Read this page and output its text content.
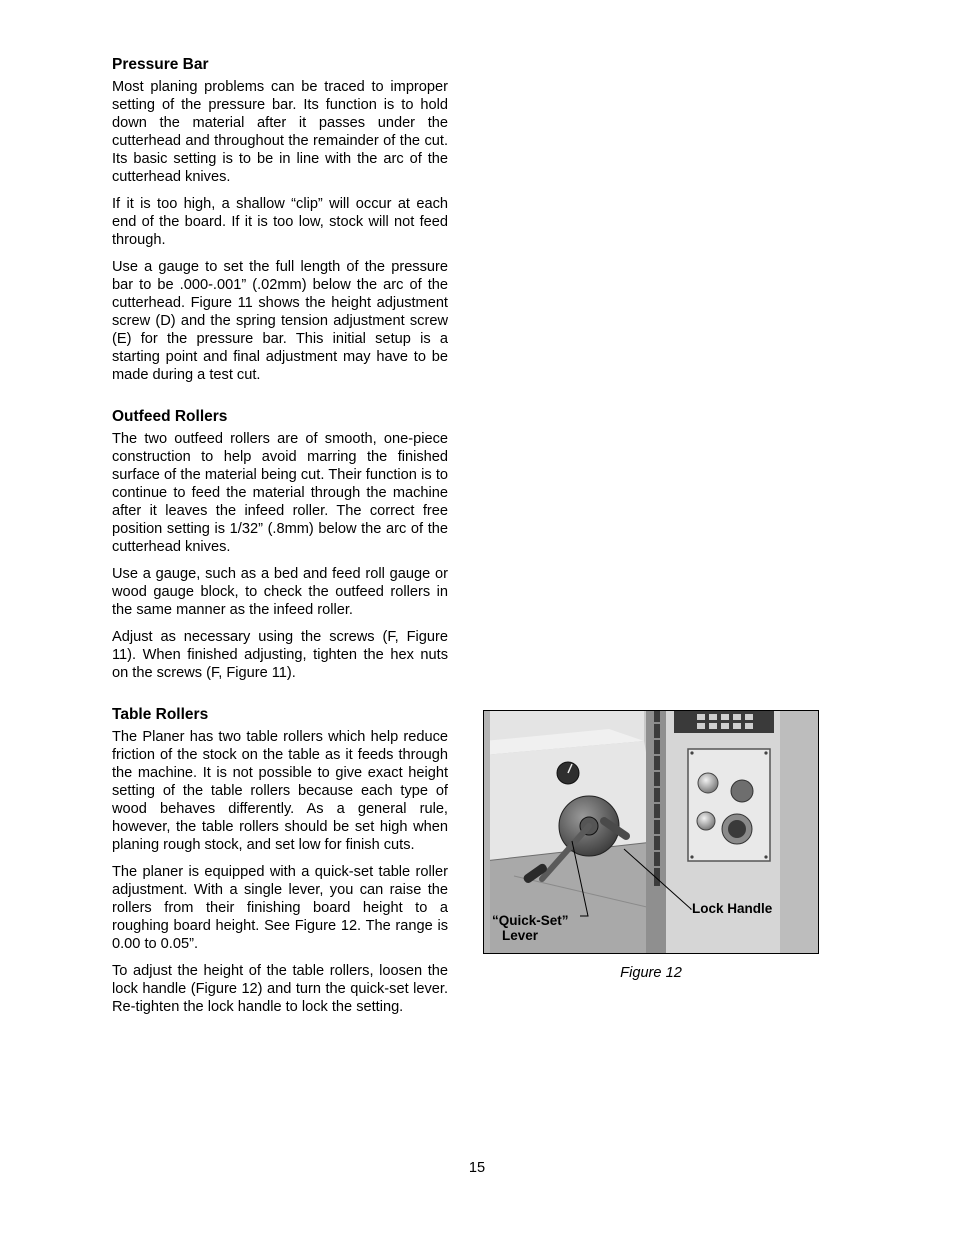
Pressure Bar

Most planing problems can be traced to improper setting of the pressure bar. Its function is to hold down the material after it passes under the cutterhead and throughout the remainder of the cut. Its basic setting is to be in line with the arc of the cutterhead knives.

If it is too high, a shallow “clip” will occur at each end of the board. If it is too low, stock will not feed through.

Use a gauge to set the full length of the pressure bar to be .000-.001” (.02mm) below the arc of the cutterhead. Figure 11 shows the height adjustment screw (D) and the spring tension adjustment screw (E) for the pressure bar. This initial setup is a starting point and final adjustment may have to be made during a test cut.

Outfeed Rollers

The two outfeed rollers are of smooth, one-piece construction to help avoid marring the finished surface of the material being cut. Their function is to continue to feed the material through the machine after it leaves the infeed roller. The correct free position setting is 1/32” (.8mm) below the arc of the cutterhead knives.

Use a gauge, such as a bed and feed roll gauge or wood gauge block, to check the outfeed rollers in the same manner as the infeed roller.

Adjust as necessary using the screws (F, Figure 11). When finished adjusting, tighten the hex nuts on the screws (F, Figure 11).

Table Rollers

The Planer has two table rollers which help reduce friction of the stock on the table as it feeds through the machine. It is not possible to give exact height setting of the table rollers because each type of wood behaves differently. As a general rule, however, the table rollers should be set high when planing rough stock, and set low for finish cuts.

The planer is equipped with a quick-set table roller adjustment. With a single lever, you can raise the rollers from their finishing board height to a roughing board height. See Figure 12. The range is 0.00 to 0.05”.

To adjust the height of the table rollers, loosen the lock handle (Figure 12) and turn the quick-set lever. Re-tighten the lock handle to lock the setting.

Lock Handle
“Quick-Set”
Lever
Figure 12
15
